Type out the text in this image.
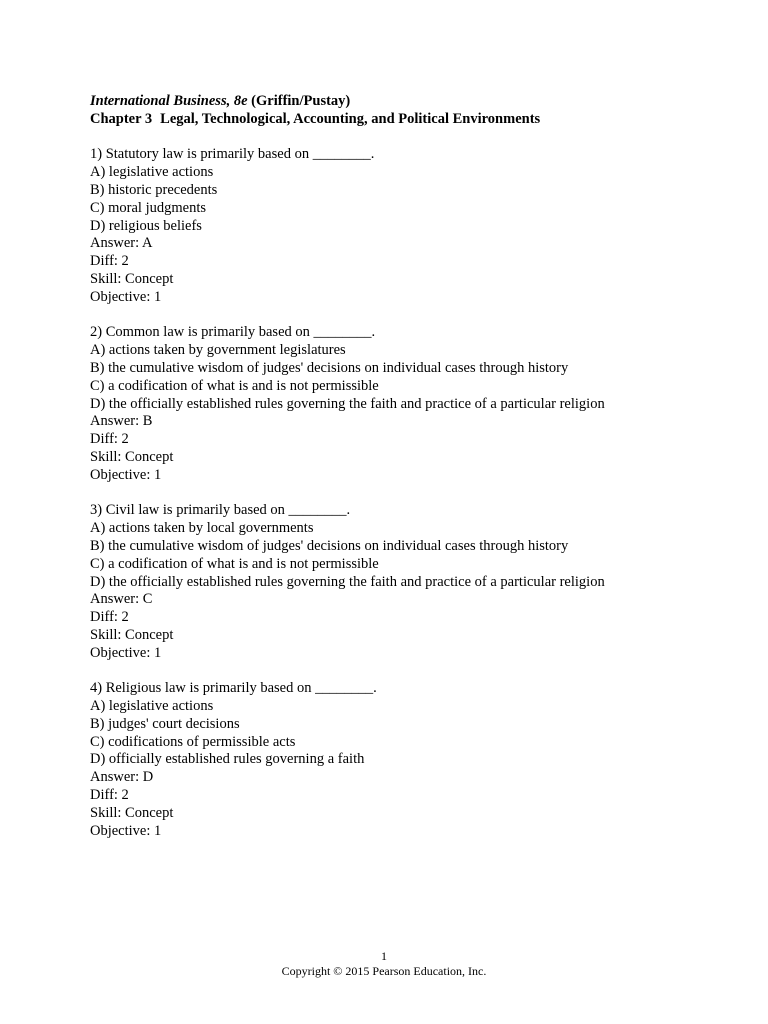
International Business, 8e (Griffin/Pustay)
Chapter 3 Legal, Technological, Accounting, and Political Environments
1) Statutory law is primarily based on ________.
A) legislative actions
B) historic precedents
C) moral judgments
D) religious beliefs
Answer: A
Diff: 2
Skill: Concept
Objective: 1
2) Common law is primarily based on ________.
A) actions taken by government legislatures
B) the cumulative wisdom of judges' decisions on individual cases through history
C) a codification of what is and is not permissible
D) the officially established rules governing the faith and practice of a particular religion
Answer: B
Diff: 2
Skill: Concept
Objective: 1
3) Civil law is primarily based on ________.
A) actions taken by local governments
B) the cumulative wisdom of judges' decisions on individual cases through history
C) a codification of what is and is not permissible
D) the officially established rules governing the faith and practice of a particular religion
Answer: C
Diff: 2
Skill: Concept
Objective: 1
4) Religious law is primarily based on ________.
A) legislative actions
B) judges' court decisions
C) codifications of permissible acts
D) officially established rules governing a faith
Answer: D
Diff: 2
Skill: Concept
Objective: 1
1
Copyright © 2015 Pearson Education, Inc.
